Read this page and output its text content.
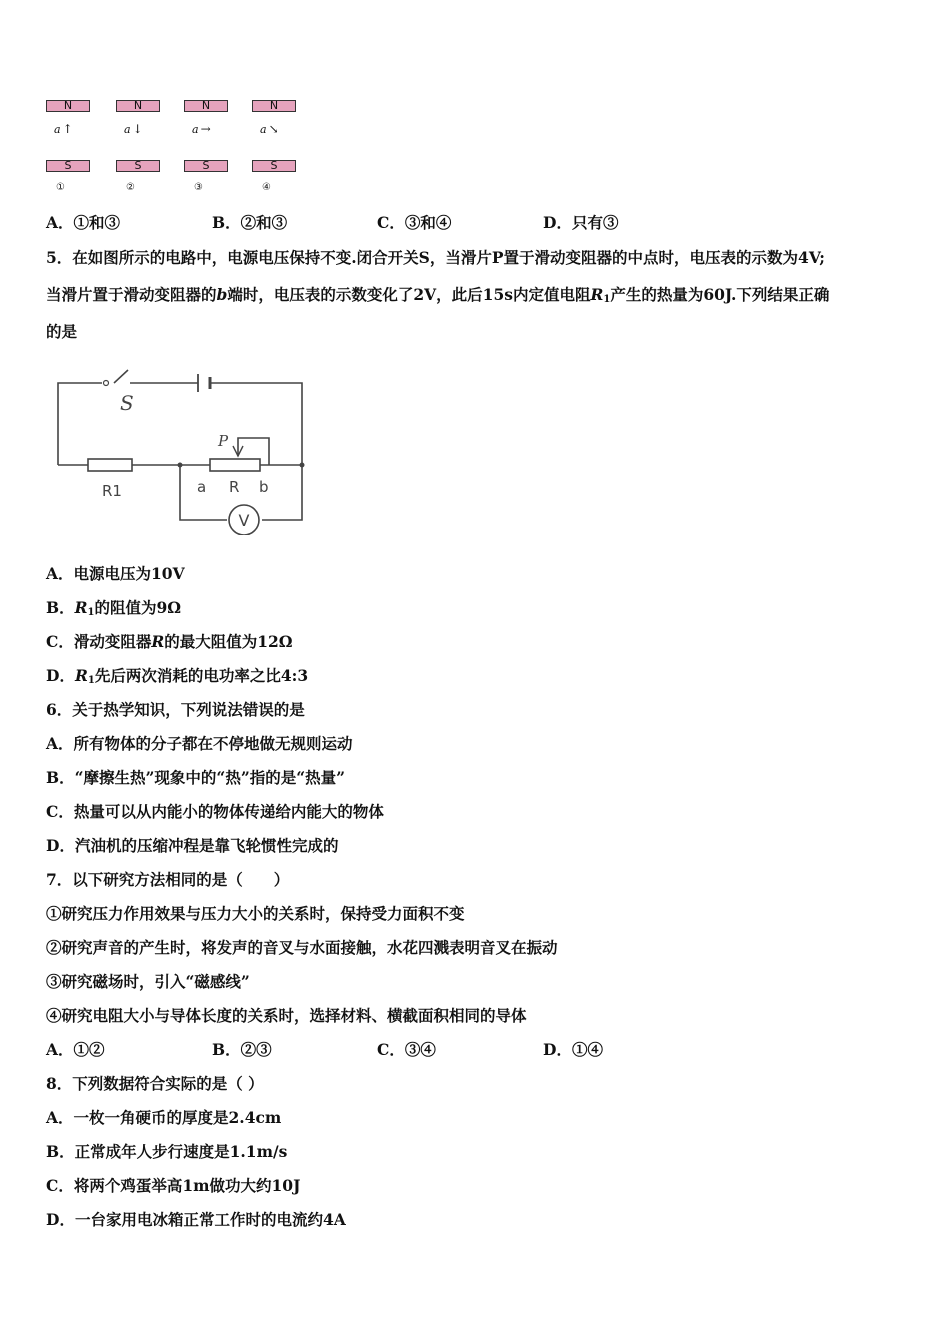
N
a ↑
S
①
N
a ↓
S
②
N
a →
S
③
N
a ↘
S
④
A．①和③	B．②和③	C．③和④	D．只有③
5．在如图所示的电路中，电源电压保持不变.闭合开关S，当滑片P置于滑动变阻器的中点时，电压表的示数为4V;
当滑片置于滑动变阻器的b端时，电压表的示数变化了2V，此后15s内定值电阻R1产生的热量为60J.下列结果正确
的是
V
S
P
R1	a R b
A．电源电压为10V
B．R1的阻值为9Ω
C．滑动变阻器R的最大阻值为12Ω
D．R1先后两次消耗的电功率之比4:3
6．关于热学知识，下列说法错误的是
A．所有物体的分子都在不停地做无规则运动
B．“摩擦生热”现象中的“热”指的是“热量”
C．热量可以从内能小的物体传递给内能大的物体
D．汽油机的压缩冲程是靠飞轮惯性完成的
7．以下研究方法相同的是（　　）
①研究压力作用效果与压力大小的关系时，保持受力面积不变
②研究声音的产生时，将发声的音叉与水面接触，水花四溅表明音叉在振动
③研究磁场时，引入“磁感线”
④研究电阻大小与导体长度的关系时，选择材料、横截面积相同的导体
A．①②	B．②③	C．③④	D．①④
8．下列数据符合实际的是（ ）
A．一枚一角硬币的厚度是2.4cm
B．正常成年人步行速度是1.1m/s
C．将两个鸡蛋举高1m做功大约10J
D．一台家用电冰箱正常工作时的电流约4A
